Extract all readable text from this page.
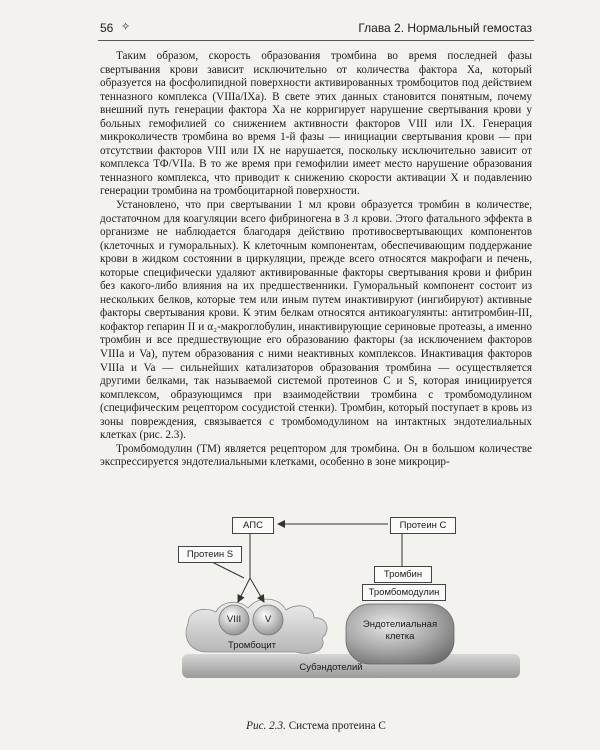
56 ✧	Глава 2. Нормальный гемостаз

Таким образом, скорость образования тромбина во время последней фазы свертывания крови зависит исключительно от количества фактора Ха, который образуется на фосфолипидной поверхности активированных тромбоцитов под действием тенназного комплекса (VIIIa/IXa). В свете этих данных становится понятным, почему внешний путь генерации фактора Ха не корригирует нарушение свертывания крови у больных гемофилией со снижением активности факторов VIII или IX. Генерация микроколичеств тромбина во время 1-й фазы — инициации свертывания крови — при отсутствии факторов VIII или IX не нарушается, поскольку исключительно зависит от комплекса ТФ/VIIа. В то же время при гемофилии имеет место нарушение образования тенназного комплекса, что приводит к снижению скорости активации X и подавлению генерации тромбина на тромбоцитарной поверхности.

Установлено, что при свертывании 1 мл крови образуется тромбин в количестве, достаточном для коагуляции всего фибриногена в 3 л крови. Этого фатального эффекта в организме не наблюдается благодаря действию противосвертывающих компонентов (клеточных и гуморальных). К клеточным компонентам, обеспечивающим поддержание крови в жидком состоянии в циркуляции, прежде всего относятся макрофаги и печень, которые специфически удаляют активированные факторы свертывания крови и фибрин без какого-либо влияния на их предшественники. Гуморальный компонент состоит из нескольких белков, которые тем или иным путем инактивируют (ингибируют) активные факторы свертывания крови. К этим белкам относятся антикоагулянты: антитромбин-III, кофактор гепарин II и α₂-макроглобулин, инактивирующие сериновые протеазы, а именно тромбин и все предшествующие его образованию факторы (за исключением факторов VIIIa и Va), путем образования с ними неактивных комплексов. Инактивация факторов VIIIa и Va — сильнейших катализаторов образования тромбина — осуществляется другими белками, так называемой системой протеинов С и S, которая инициируется комплексом, образующимся при взаимодействии тромбина с тромбомодулином (специфическим рецептором сосудистой стенки). Тромбин, который поступает в кровь из зоны повреждения, связывается с тромбомодулином на интактных эндотелиальных клетках (рис. 2.3).

Тромбомодулин (ТМ) является рецептором для тромбина. Он в большом количестве экспрессируется эндотелиальными клетками, особенно в зоне микроцир-

АПС
Протеин S
Протеин С
Тромбин
Тромбомодулин
VIII	V
Тромбоцит
Эндотелиальная клетка
Субэндотелий
Рис. 2.3. Система протеина С
